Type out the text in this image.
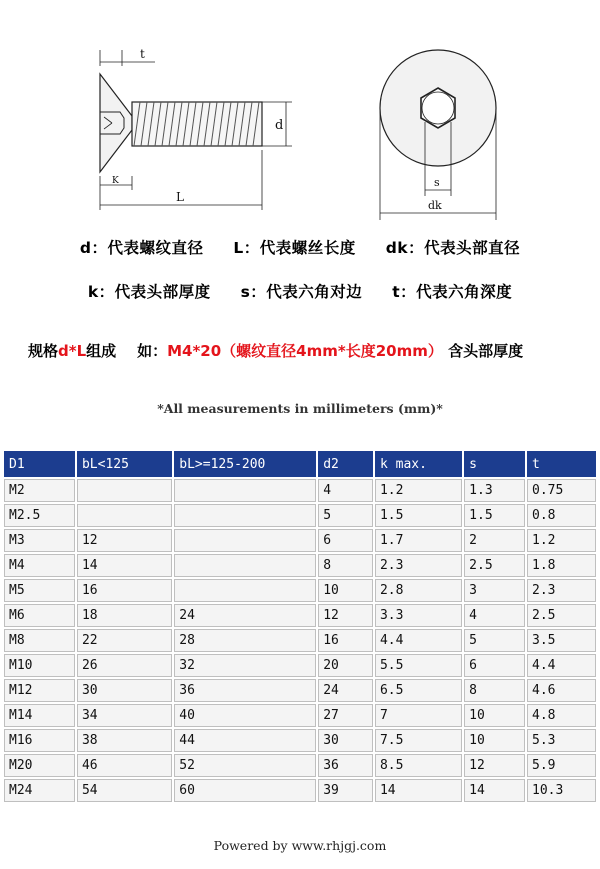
t
d
K
L
s
dk
d：代表螺纹直径 L：代表螺丝长度 dk：代表头部直径
k：代表头部厚度 s：代表六角对边 t：代表六角深度
规格d*L组成 如：M4*20（螺纹直径4mm*长度20mm） 含头部厚度
*All measurements in millimeters (mm)*
D1	bL<125	bL>=125-200	d2	k max.	s	t
M2			4	1.2	1.3	0.75
M2.5			5	1.5	1.5	0.8
M3	12		6	1.7	2	1.2
M4	14		8	2.3	2.5	1.8
M5	16		10	2.8	3	2.3
M6	18	24	12	3.3	4	2.5
M8	22	28	16	4.4	5	3.5
M10	26	32	20	5.5	6	4.4
M12	30	36	24	6.5	8	4.6
M14	34	40	27	7	10	4.8
M16	38	44	30	7.5	10	5.3
M20	46	52	36	8.5	12	5.9
M24	54	60	39	14	14	10.3
Powered by www.rhjgj.com
